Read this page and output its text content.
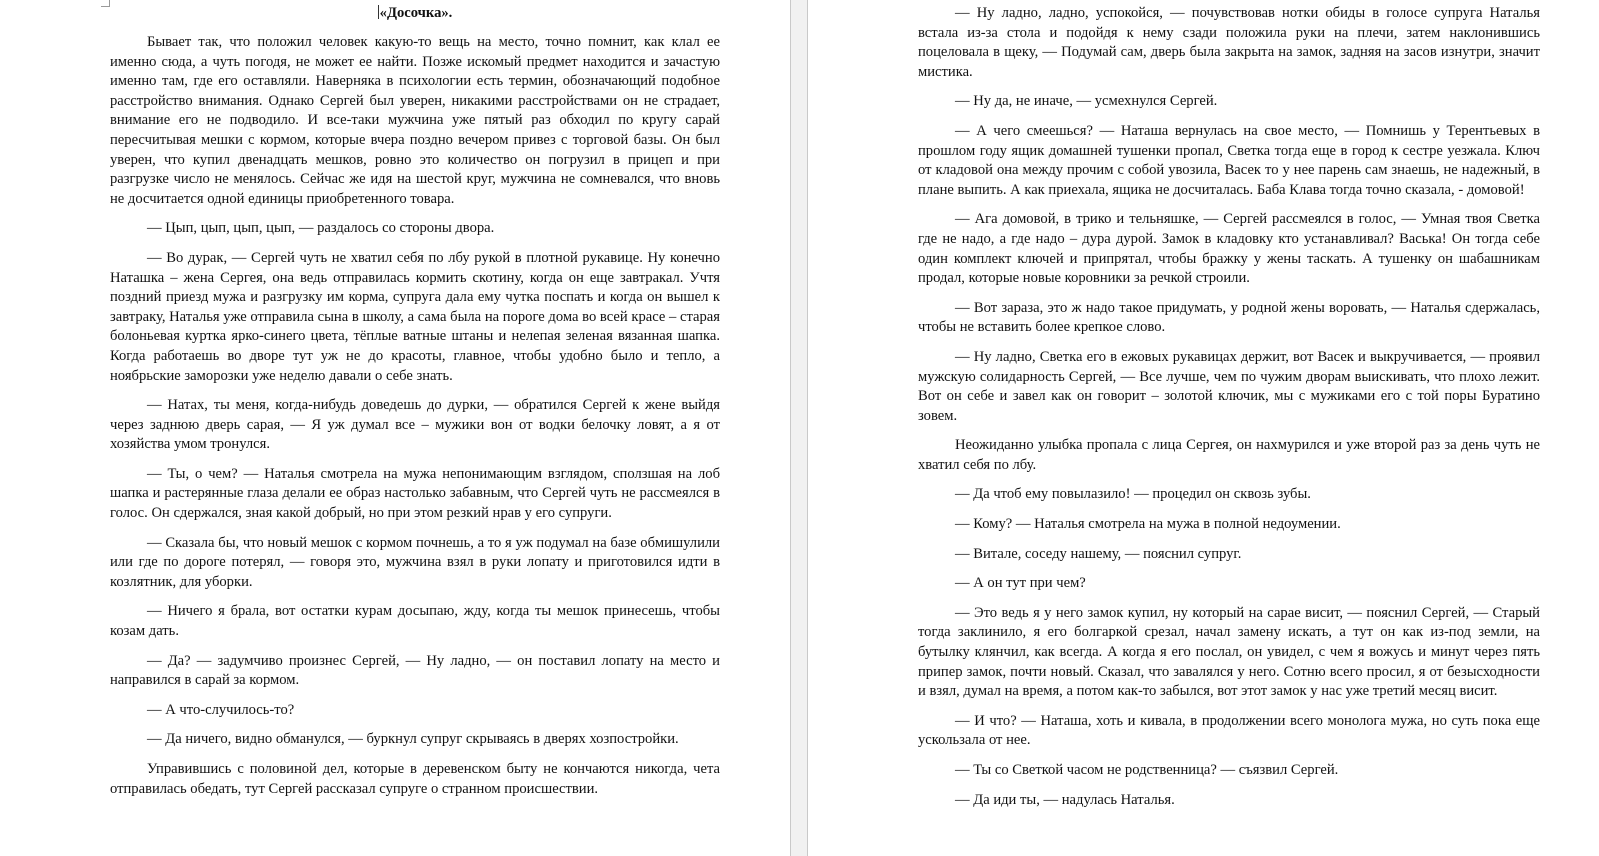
«Досочка».

Бывает так, что положил человек какую-то вещь на место, точно помнит, как клал ее именно сюда, а чуть погодя, не может ее найти. Позже искомый предмет находится и зачастую именно там, где его оставляли. Наверняка в психологии есть термин, обозначающий подобное расстройство внимания. Однако Сергей был уверен, никакими расстройствами он не страдает, внимание его не подводило. И все-таки мужчина уже пятый раз обходил по кругу сарай пересчитывая мешки с кормом, которые вчера поздно вечером привез с торговой базы. Он был уверен, что купил двенадцать мешков, ровно это количество он погрузил в прицеп и при разгрузке число не менялось. Сейчас же идя на шестой круг, мужчина не сомневался, что вновь не досчитается одной единицы приобретенного товара.

— Цып, цып, цып, цып, — раздалось со стороны двора.

— Во дурак, — Сергей чуть не хватил себя по лбу рукой в плотной рукавице. Ну конечно Наташка – жена Сергея, она ведь отправилась кормить скотину, когда он еще завтракал. Учтя поздний приезд мужа и разгрузку им корма, супруга дала ему чутка поспать и когда он вышел к завтраку, Наталья уже отправила сына в школу, а сама была на пороге дома во всей красе – старая болоньевая куртка ярко-синего цвета, тёплые ватные штаны и нелепая зеленая вязанная шапка. Когда работаешь во дворе тут уж не до красоты, главное, чтобы удобно было и тепло, а ноябрьские заморозки уже неделю давали о себе знать.

— Натах, ты меня, когда-нибудь доведешь до дурки, — обратился Сергей к жене выйдя через заднюю дверь сарая, — Я уж думал все – мужики вон от водки белочку ловят, а я от хозяйства умом тронулся.

— Ты, о чем? — Наталья смотрела на мужа непонимающим взглядом, сползшая на лоб шапка и растерянные глаза делали ее образ настолько забавным, что Сергей чуть не рассмеялся в голос. Он сдержался, зная какой добрый, но при этом резкий нрав у его супруги.

— Сказала бы, что новый мешок с кормом почнешь, а то я уж подумал на базе обмишулили или где по дороге потерял, — говоря это, мужчина взял в руки лопату и приготовился идти в козлятник, для уборки.

— Ничего я брала, вот остатки курам досыпаю, жду, когда ты мешок принесешь, чтобы козам дать.

— Да? — задумчиво произнес Сергей, — Ну ладно, — он поставил лопату на место и направился в сарай за кормом.

— А что-случилось-то?

— Да ничего, видно обманулся, — буркнул супруг скрываясь в дверях хозпостройки.

Управившись с половиной дел, которые в деревенском быту не кончаются никогда, чета отправилась обедать, тут Сергей рассказал супруге о странном происшествии.

— Ну ладно, ладно, успокойся, — почувствовав нотки обиды в голосе супруга Наталья встала из-за стола и подойдя к нему сзади положила руки на плечи, затем наклонившись поцеловала в щеку, — Подумай сам, дверь была закрыта на замок, задняя на засов изнутри, значит мистика.

— Ну да, не иначе, — усмехнулся Сергей.

— А чего смеешься? — Наташа вернулась на свое место, — Помнишь у Терентьевых в прошлом году ящик домашней тушенки пропал, Светка тогда еще в город к сестре уезжала. Ключ от кладовой она между прочим с собой увозила, Васек то у нее парень сам знаешь, не надежный, в плане выпить. А как приехала, ящика не досчиталась. Баба Клава тогда точно сказала, - домовой!

— Ага домовой, в трико и тельняшке, — Сергей рассмеялся в голос, — Умная твоя Светка где не надо, а где надо – дура дурой. Замок в кладовку кто устанавливал? Васька! Он тогда себе один комплект ключей и припрятал, чтобы бражку у жены таскать. А тушенку он шабашникам продал, которые новые коровники за речкой строили.

— Вот зараза, это ж надо такое придумать, у родной жены воровать, — Наталья сдержалась, чтобы не вставить более крепкое слово.

— Ну ладно, Светка его в ежовых рукавицах держит, вот Васек и выкручивается, — проявил мужскую солидарность Сергей, — Все лучше, чем по чужим дворам выискивать, что плохо лежит. Вот он себе и завел как он говорит – золотой ключик, мы с мужиками его с той поры Буратино зовем.

Неожиданно улыбка пропала с лица Сергея, он нахмурился и уже второй раз за день чуть не хватил себя по лбу.

— Да чтоб ему повылазило! — процедил он сквозь зубы.

— Кому? — Наталья смотрела на мужа в полной недоумении.

— Витале, соседу нашему, — пояснил супруг.

— А он тут при чем?

— Это ведь я у него замок купил, ну который на сарае висит, — пояснил Сергей, — Старый тогда заклинило, я его болгаркой срезал, начал замену искать, а тут он как из-под земли, на бутылку клянчил, как всегда. А когда я его послал, он увидел, с чем я вожусь и минут через пять припер замок, почти новый. Сказал, что завалялся у него. Сотню всего просил, я от безысходности и взял, думал на время, а потом как-то забылся, вот этот замок у нас уже третий месяц висит.

— И что? — Наташа, хоть и кивала, в продолжении всего монолога мужа, но суть пока еще ускользала от нее.

— Ты со Светкой часом не родственница? — съязвил Сергей.

— Да иди ты, — надулась Наталья.
